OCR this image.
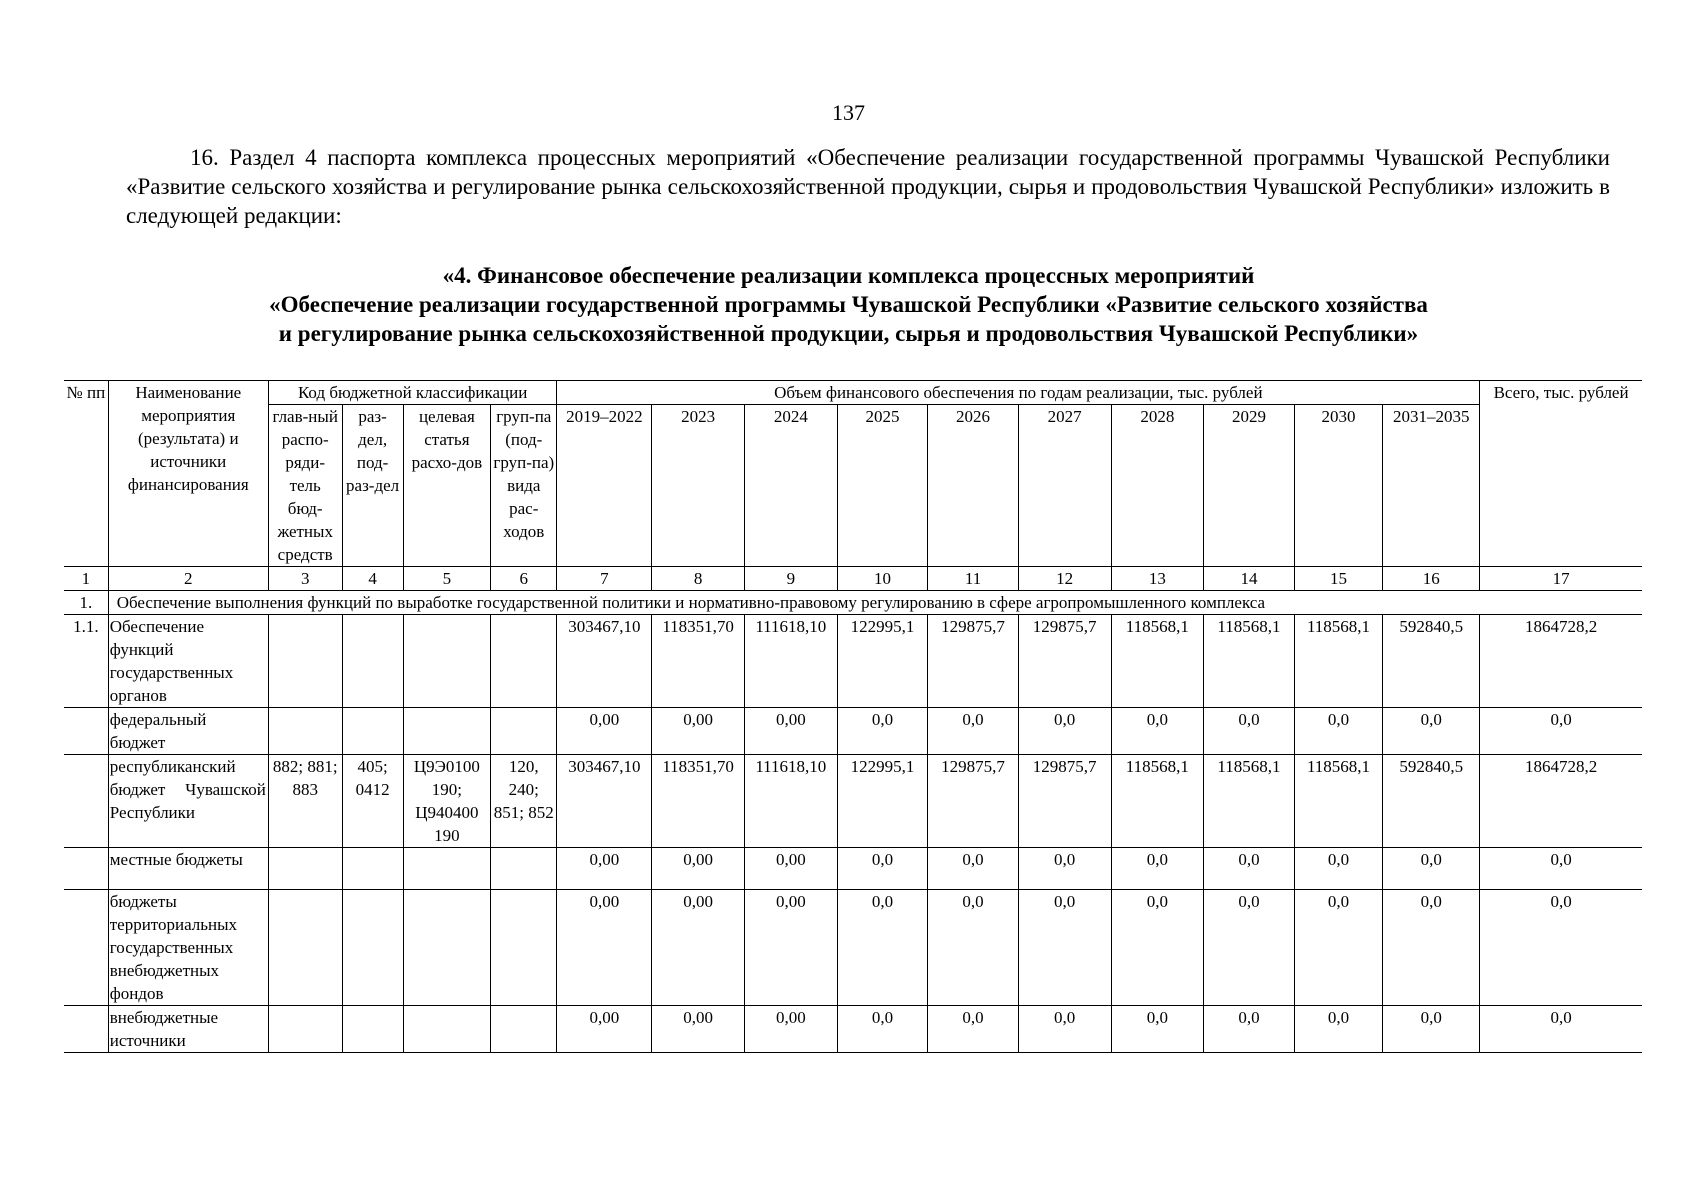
137

16. Раздел 4 паспорта комплекса процессных мероприятий «Обеспечение реализации государственной программы Чувашской Республики «Развитие сельского хозяйства и регулирование рынка сельскохозяйственной продукции, сырья и продовольствия Чувашской Республики» изложить в следующей редакции:

«4. Финансовое обеспечение реализации комплекса процессных мероприятий
«Обеспечение реализации государственной программы Чувашской Республики «Развитие сельского хозяйства
и регулирование рынка сельскохозяйственной продукции, сырья и продовольствия Чувашской Республики»
№ пп	Наименование мероприятия (результата) и источники финансирования	Код бюджетной классификации				Объем финансового обеспечения по годам реализации, тыс. рублей										Всего, тыс. рублей
		глав-ный распо-ряди-тель бюд-жетных средств	раз-дел, под-раз-дел	целевая статья расхо-дов	груп-па (под-груп-па) вида рас-ходов	2019–2022	2023	2024	2025	2026	2027	2028	2029	2030	2031–2035	
1	2	3	4	5	6	7	8	9	10	11	12	13	14	15	16	17
1.	Обеспечение выполнения функций по выработке государственной политики и нормативно-правовому регулированию в сфере агропромышленного комплекса															
1.1.	Обеспечение функций государственных органов					303467,10	118351,70	111618,10	122995,1	129875,7	129875,7	118568,1	118568,1	118568,1	592840,5	1864728,2
	федеральный бюджет					0,00	0,00	0,00	0,0	0,0	0,0	0,0	0,0	0,0	0,0	0,0
	республиканский бюджет Чувашской Республики	882; 881; 883	405; 0412	Ц9Э0100 190; Ц940400 190	120, 240; 851; 852	303467,10	118351,70	111618,10	122995,1	129875,7	129875,7	118568,1	118568,1	118568,1	592840,5	1864728,2
	местные бюджеты					0,00	0,00	0,00	0,0	0,0	0,0	0,0	0,0	0,0	0,0	0,0
	бюджеты территориальных государственных внебюджетных фондов					0,00	0,00	0,00	0,0	0,0	0,0	0,0	0,0	0,0	0,0	0,0
	внебюджетные источники					0,00	0,00	0,00	0,0	0,0	0,0	0,0	0,0	0,0	0,0	0,0
